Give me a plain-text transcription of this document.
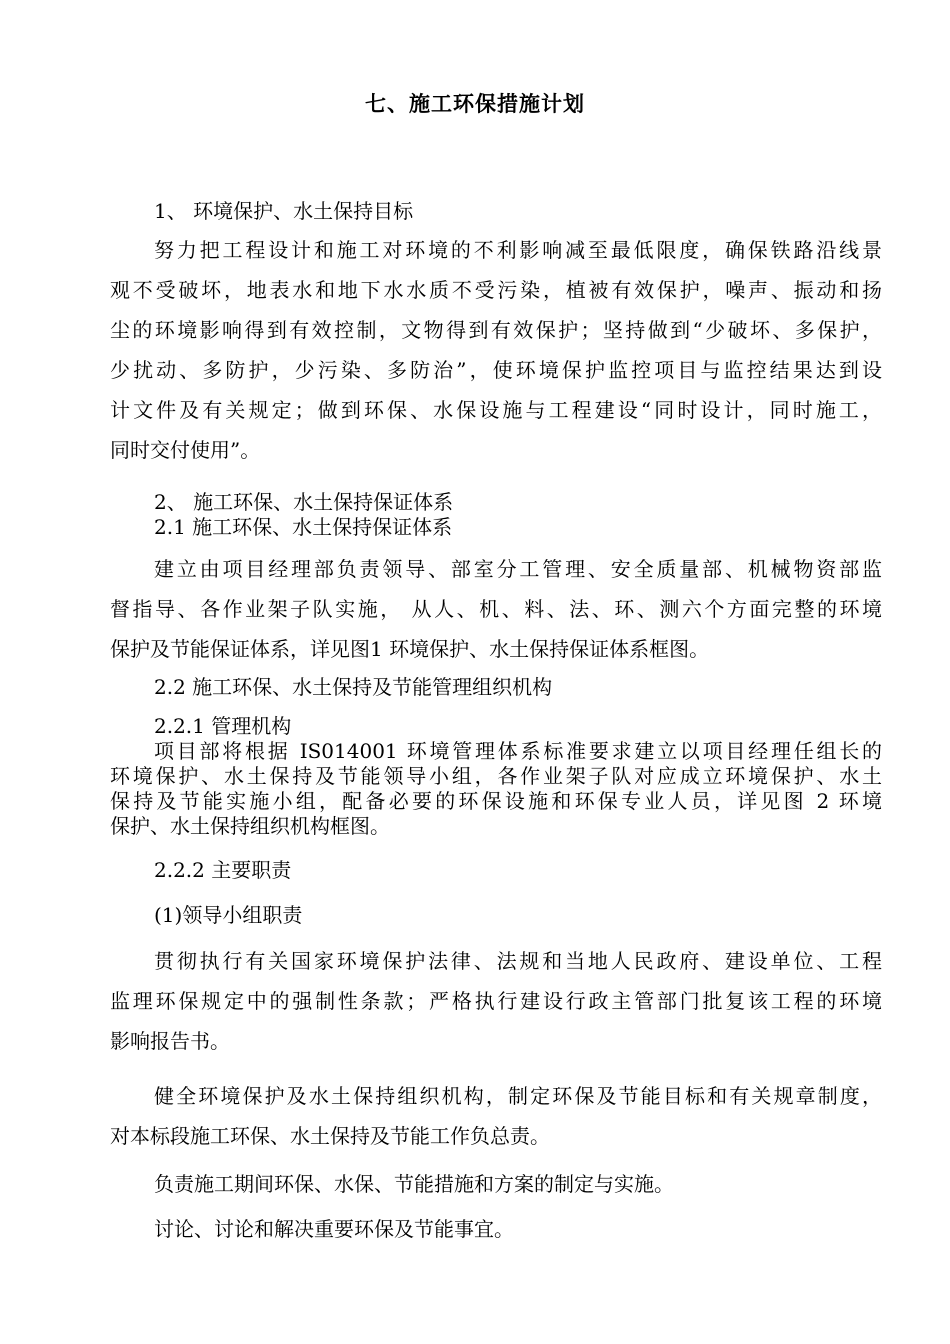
七、施工环保措施计划
1、 环境保护、水土保持目标
努力把工程设计和施工对环境的不利影响减至最低限度，确保铁路沿线景
观不受破坏，地表水和地下水水质不受污染，植被有效保护，噪声、振动和扬
尘的环境影响得到有效控制，文物得到有效保护；坚持做到“少破坏、多保护，
少扰动、多防护，少污染、多防治”，使环境保护监控项目与监控结果达到设
计文件及有关规定；做到环保、水保设施与工程建设“同时设计，同时施工，
同时交付使用”。
2、 施工环保、水土保持保证体系
2.1 施工环保、水土保持保证体系
建立由项目经理部负责领导、部室分工管理、安全质量部、机械物资部监
督指导、各作业架子队实施， 从人、机、料、法、环、测六个方面完整的环境
保护及节能保证体系，详见图1 环境保护、水土保持保证体系框图。
2.2 施工环保、水土保持及节能管理组织机构
2.2.1 管理机构
项目部将根据 IS014001 环境管理体系标准要求建立以项目经理任组长的
环境保护、水土保持及节能领导小组，各作业架子队对应成立环境保护、水土
保持及节能实施小组，配备必要的环保设施和环保专业人员，详见图 2 环境
保护、水土保持组织机构框图。
2.2.2 主要职责
(1)领导小组职责
贯彻执行有关国家环境保护法律、法规和当地人民政府、建设单位、工程
监理环保规定中的强制性条款；严格执行建设行政主管部门批复该工程的环境
影响报告书。
健全环境保护及水土保持组织机构，制定环保及节能目标和有关规章制度，
对本标段施工环保、水土保持及节能工作负总责。
负责施工期间环保、水保、节能措施和方案的制定与实施。
讨论、讨论和解决重要环保及节能事宜。
